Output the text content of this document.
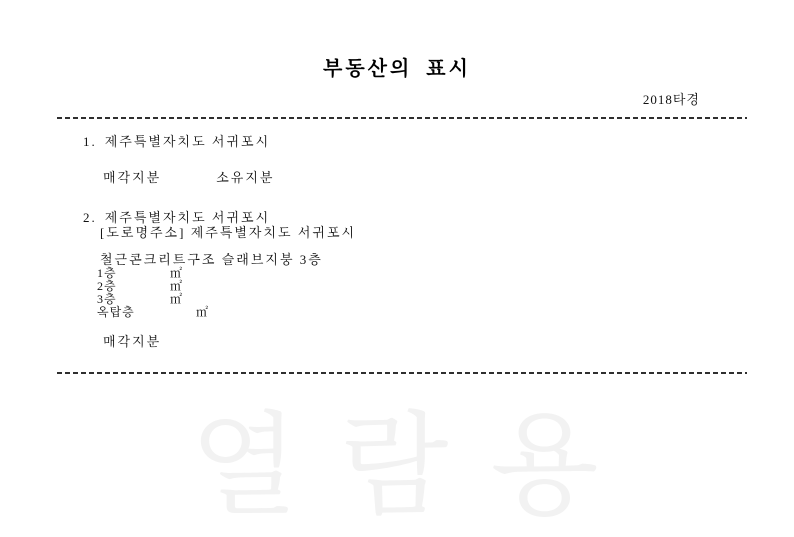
부동산의 표시
2018타경
1. 제주특별자치도 서귀포시
매각지분	소유지분
2. 제주특별자치도 서귀포시
[도로명주소] 제주특별자치도 서귀포시
철근콘크리트구조 슬래브지붕 3층
1층	㎡
2층	㎡
3층	㎡
옥탑층	㎡
매각지분
열람용
